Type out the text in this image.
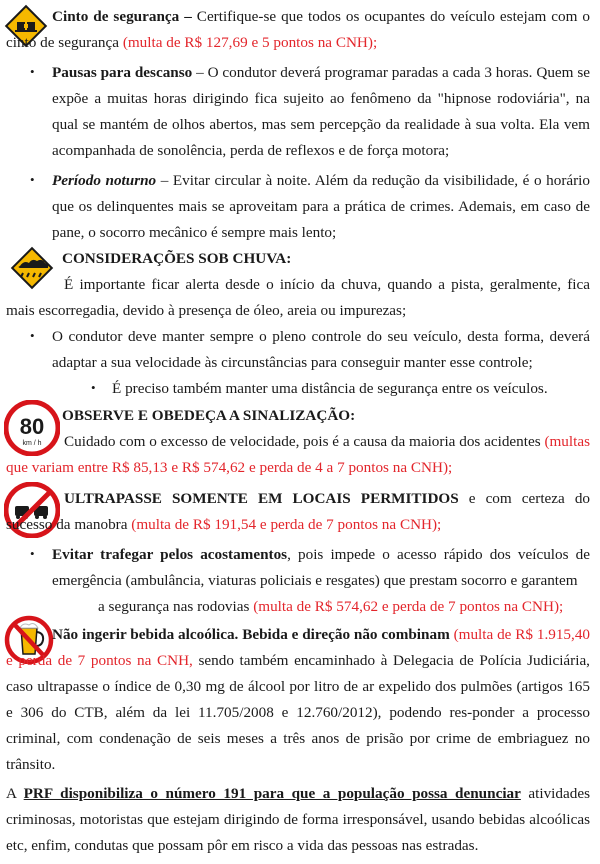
Cinto de segurança – Certifique-se que todos os ocupantes do veículo estejam com o cinto de segurança (multa de R$ 127,69 e 5 pontos na CNH);
• Pausas para descanso – O condutor deverá programar paradas a cada 3 horas. Quem se expõe a muitas horas dirigindo fica sujeito ao fenômeno da "hipnose rodoviária", na qual se mantém de olhos abertos, mas sem percepção da realidade à sua volta. Ela vem acompanhada de sonolência, perda de reflexos e de força motora;
• Período noturno – Evitar circular à noite. Além da redução da visibilidade, é o horário que os delinquentes mais se aproveitam para a prática de crimes. Ademais, em caso de pane, o socorro mecânico é sempre mais lento;
CONSIDERAÇÕES SOB CHUVA:
É importante ficar alerta desde o início da chuva, quando a pista, geralmente, fica mais escorregadia, devido à presença de óleo, areia ou impurezas;
• O condutor deve manter sempre o pleno controle do seu veículo, desta forma, deverá adaptar a sua velocidade às circunstâncias para conseguir manter esse controle;
• É preciso também manter uma distância de segurança entre os veículos.
80
km / h
OBSERVE E OBEDEÇA A SINALIZAÇÃO:
Cuidado com o excesso de velocidade, pois é a causa da maioria dos acidentes (multas que variam entre R$ 85,13 e R$ 574,62 e perda de 4 a 7 pontos na CNH);
ULTRAPASSE SOMENTE EM LOCAIS PERMITIDOS e com certeza do sucesso da manobra (multa de R$ 191,54 e perda de 7 pontos na CNH);
• Evitar trafegar pelos acostamentos, pois impede o acesso rápido dos veículos de emergência (ambulância, viaturas policiais e resgates) que prestam socorro e garantem
a segurança nas rodovias (multa de R$ 574,62 e perda de 7 pontos na CNH);
Não ingerir bebida alcoólica. Bebida e direção não combinam (multa de R$ 1.915,40 e perda de 7 pontos na CNH, sendo também encaminhado à Delegacia de Polícia Judiciária, caso ultrapasse o índice de 0,30 mg de álcool por litro de ar expelido dos pulmões (artigos 165 e 306 do CTB, além da lei 11.705/2008 e 12.760/2012), podendo res-ponder a processo criminal, com condenação de seis meses a três anos de prisão por crime de embriaguez no trânsito.
A PRF disponibiliza o número 191 para que a população possa denunciar atividades criminosas, motoristas que estejam dirigindo de forma irresponsável, usando bebidas alcoólicas etc, enfim, condutas que possam pôr em risco a vida das pessoas nas estradas.
